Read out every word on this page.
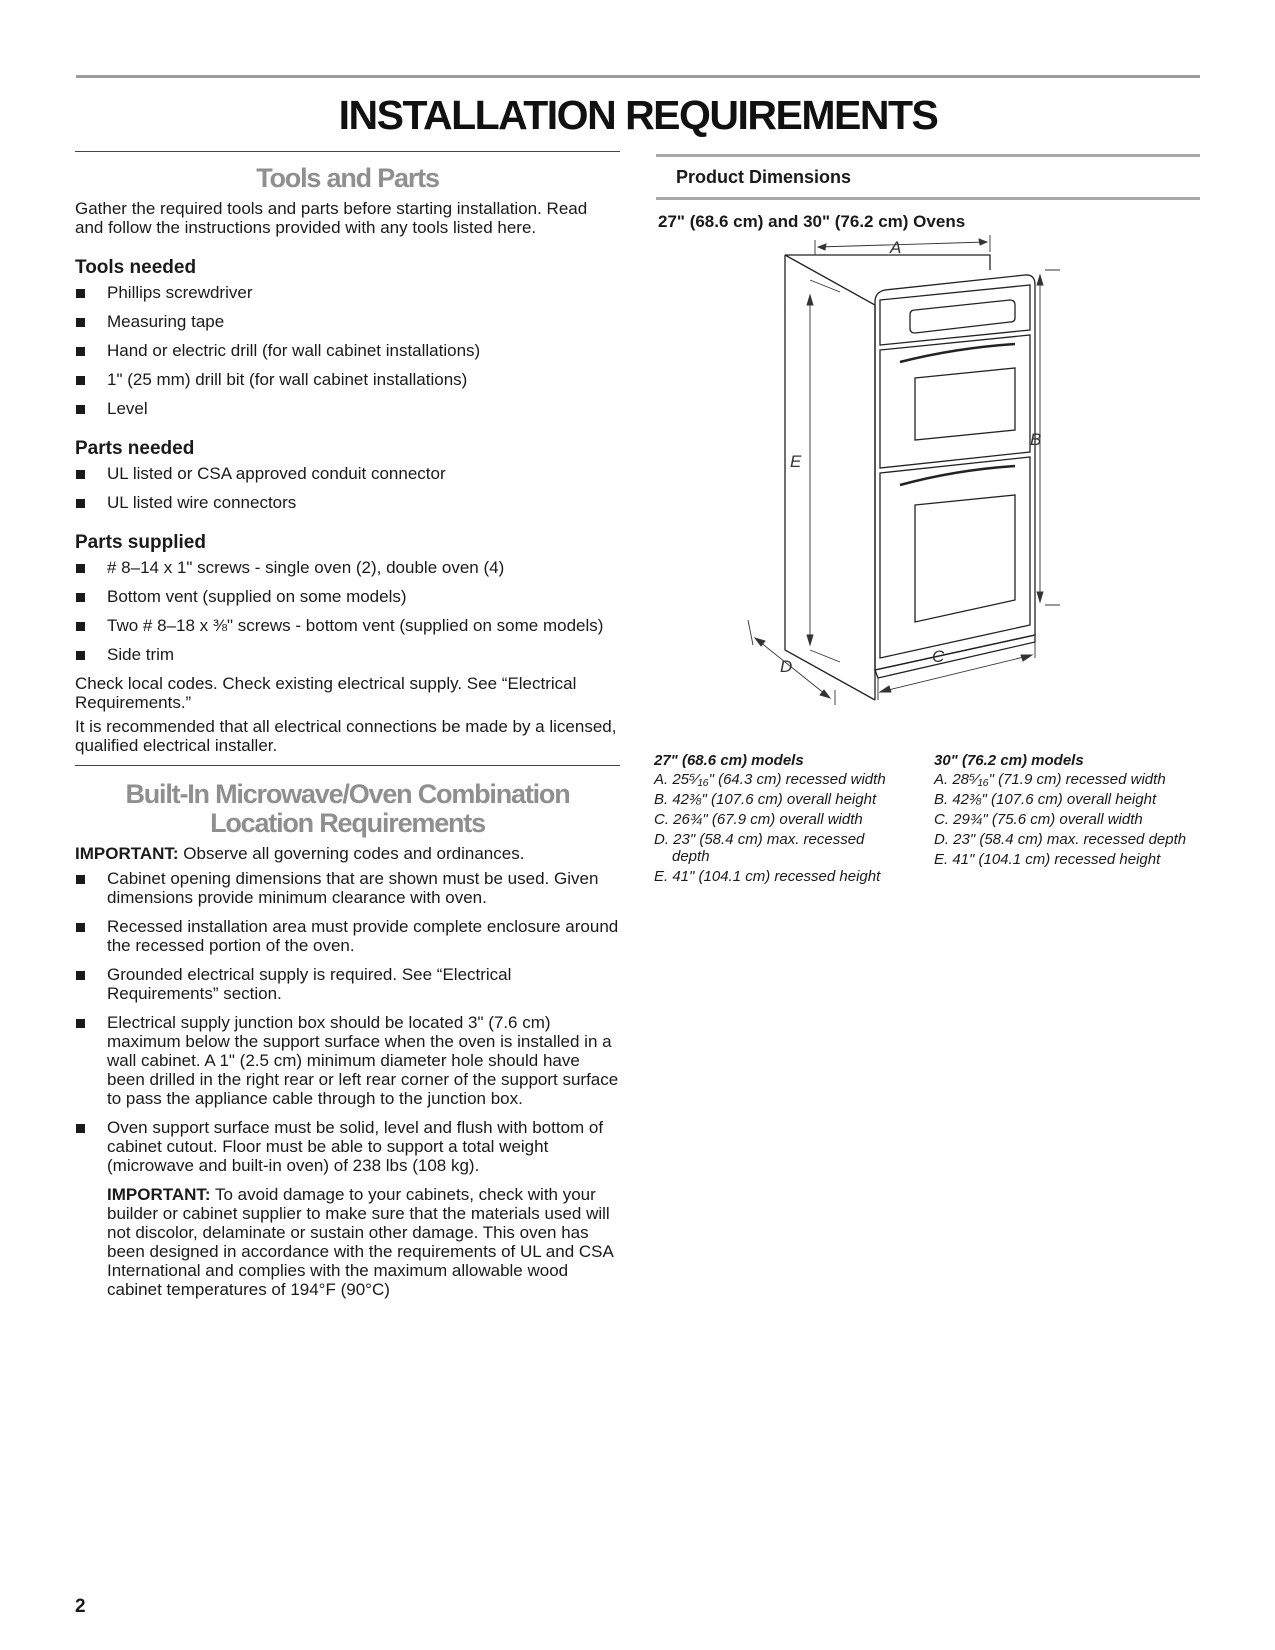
INSTALLATION REQUIREMENTS
Tools and Parts

Gather the required tools and parts before starting installation. Read and follow the instructions provided with any tools listed here.

Tools needed
Phillips screwdriver
Measuring tape
Hand or electric drill (for wall cabinet installations)
1" (25 mm) drill bit (for wall cabinet installations)
Level
Parts needed
UL listed or CSA approved conduit connector
UL listed wire connectors
Parts supplied
# 8–14 x 1" screws - single oven (2), double oven (4)
Bottom vent (supplied on some models)
Two # 8–18 x ⅜" screws - bottom vent (supplied on some models)
Side trim

Check local codes. Check existing electrical supply. See “Electrical Requirements.”

It is recommended that all electrical connections be made by a licensed, qualified electrical installer.

Built-In Microwave/Oven Combination
Location Requirements

IMPORTANT: Observe all governing codes and ordinances.

Cabinet opening dimensions that are shown must be used. Given dimensions provide minimum clearance with oven.
Recessed installation area must provide complete enclosure around the recessed portion of the oven.
Grounded electrical supply is required. See “Electrical Requirements” section.
Electrical supply junction box should be located 3" (7.6 cm) maximum below the support surface when the oven is installed in a wall cabinet. A 1" (2.5 cm) minimum diameter hole should have been drilled in the right rear or left rear corner of the support surface to pass the appliance cable through to the junction box.
Oven support surface must be solid, level and flush with bottom of cabinet cutout. Floor must be able to support a total weight (microwave and built-in oven) of 238 lbs (108 kg).

IMPORTANT: To avoid damage to your cabinets, check with your builder or cabinet supplier to make sure that the materials used will not discolor, delaminate or sustain other damage. This oven has been designed in accordance with the requirements of UL and CSA International and complies with the maximum allowable wood cabinet temperatures of 194°F (90°C)

Product Dimensions
27" (68.6 cm) and 30" (76.2 cm) Ovens
A
B
C
D
E
27" (68.6 cm) models
A. 25⁵⁄₁₆" (64.3 cm) recessed width
B. 42⅜" (107.6 cm) overall height
C. 26¾" (67.9 cm) overall width
D. 23" (58.4 cm) max. recessed depth
E. 41" (104.1 cm) recessed height
30" (76.2 cm) models
A. 28⁵⁄₁₆" (71.9 cm) recessed width
B. 42⅜" (107.6 cm) overall height
C. 29¾" (75.6 cm) overall width
D. 23" (58.4 cm) max. recessed depth
E. 41" (104.1 cm) recessed height
2
